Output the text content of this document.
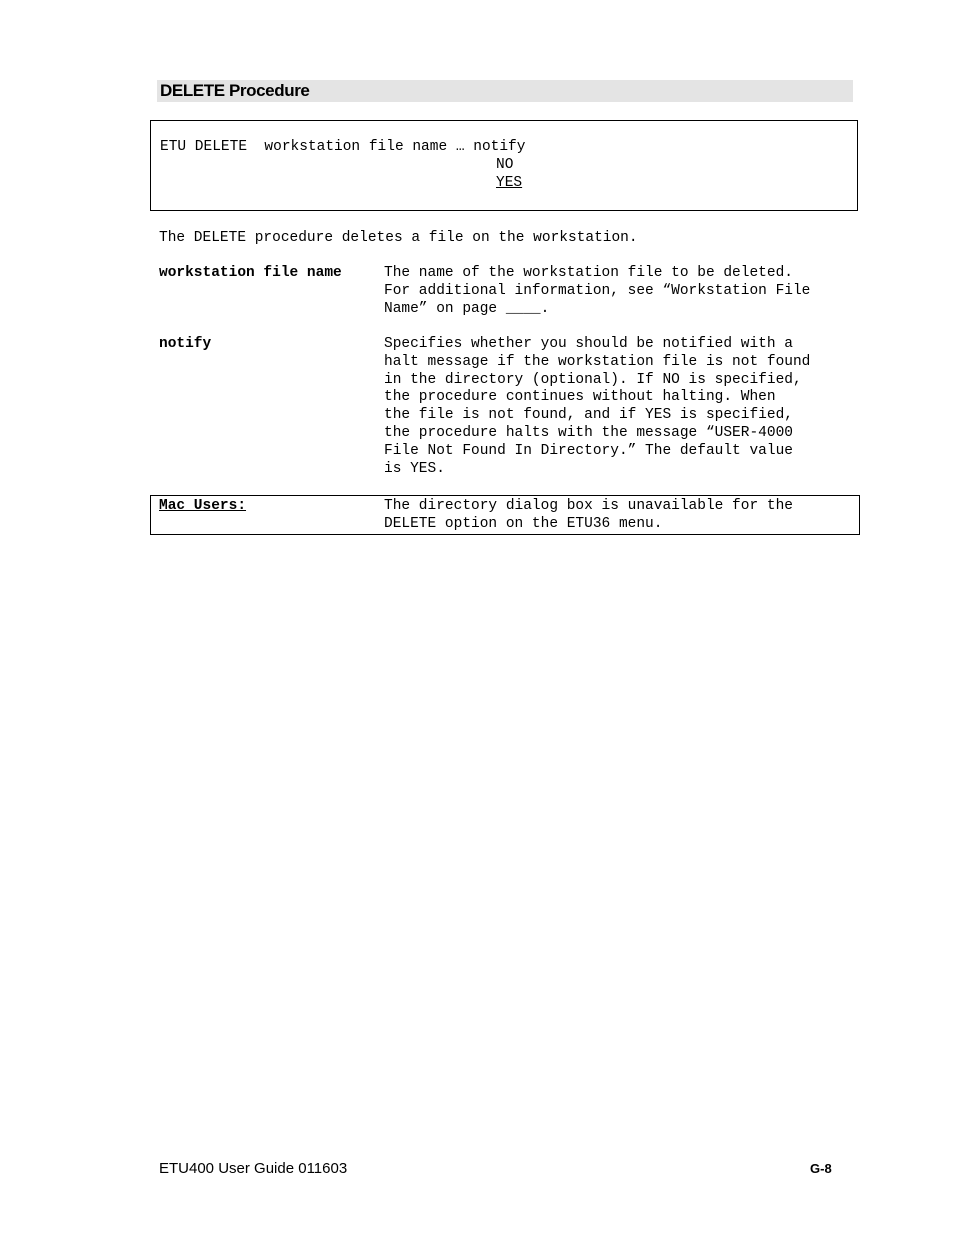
DELETE Procedure
ETU DELETE  workstation file name … notify
NO
YES
The DELETE procedure deletes a file on the workstation.
workstation file name	The name of the workstation file to be deleted.
For additional information, see “Workstation File
Name” on page ____.
notify	Specifies whether you should be notified with a
halt message if the workstation file is not found
in the directory (optional). If NO is specified,
the procedure continues without halting. When
the file is not found, and if YES is specified,
the procedure halts with the message “USER-4000
File Not Found In Directory.” The default value
is YES.
Mac Users:	The directory dialog box is unavailable for the
DELETE option on the ETU36 menu.
ETU400 User Guide 011603	G-8
